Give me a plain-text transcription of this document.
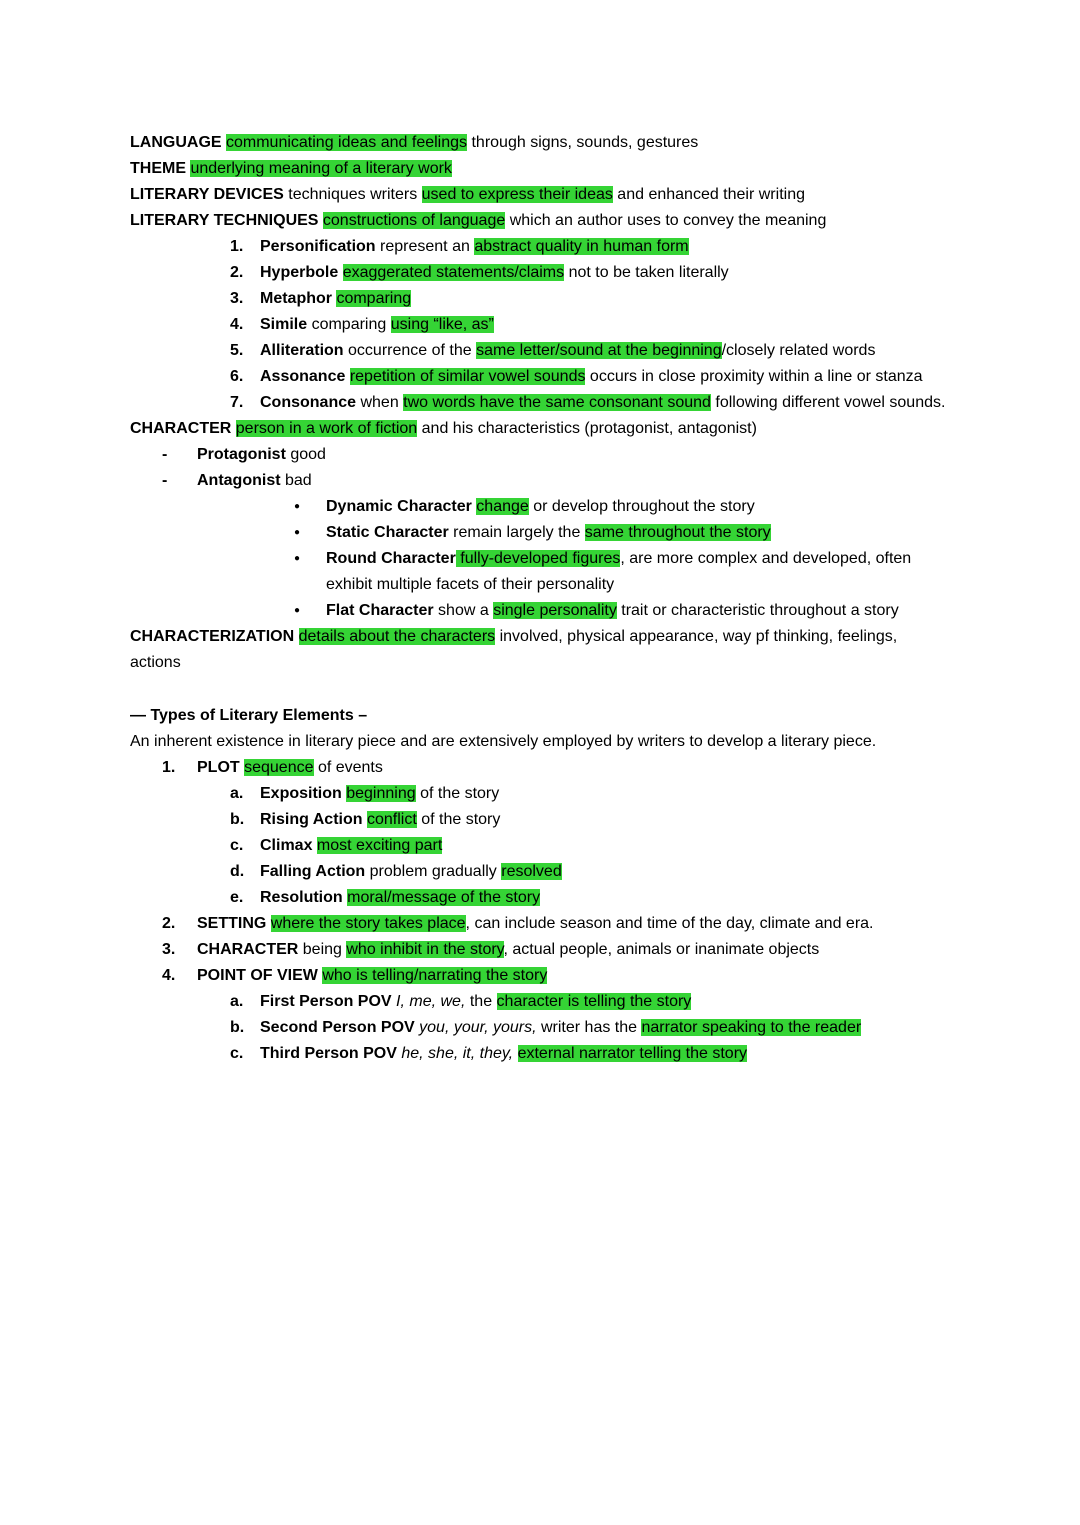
LANGUAGE communicating ideas and feelings through signs, sounds, gestures
THEME underlying meaning of a literary work
LITERARY DEVICES techniques writers used to express their ideas and enhanced their writing
LITERARY TECHNIQUES constructions of language which an author uses to convey the meaning
1. Personification represent an abstract quality in human form
2. Hyperbole exaggerated statements/claims not to be taken literally
3. Metaphor comparing
4. Simile comparing using “like, as”
5. Alliteration occurrence of the same letter/sound at the beginning/closely related words
6. Assonance repetition of similar vowel sounds occurs in close proximity within a line or stanza
7. Consonance when two words have the same consonant sound following different vowel sounds.
CHARACTER person in a work of fiction and his characteristics (protagonist, antagonist)
- Protagonist good
- Antagonist bad
● Dynamic Character change or develop throughout the story
● Static Character remain largely the same throughout the story
● Round Character fully-developed figures, are more complex and developed, often exhibit multiple facets of their personality
● Flat Character show a single personality trait or characteristic throughout a story
CHARACTERIZATION details about the characters involved, physical appearance, way pf thinking, feelings, actions
— Types of Literary Elements –
An inherent existence in literary piece and are extensively employed by writers to develop a literary piece.
1. PLOT sequence of events
a. Exposition beginning of the story
b. Rising Action conflict of the story
c. Climax most exciting part
d. Falling Action problem gradually resolved
e. Resolution moral/message of the story
2. SETTING where the story takes place, can include season and time of the day, climate and era.
3. CHARACTER being who inhibit in the story, actual people, animals or inanimate objects
4. POINT OF VIEW who is telling/narrating the story
a. First Person POV I, me, we, the character is telling the story
b. Second Person POV you, your, yours, writer has the narrator speaking to the reader
c. Third Person POV he, she, it, they, external narrator telling the story
